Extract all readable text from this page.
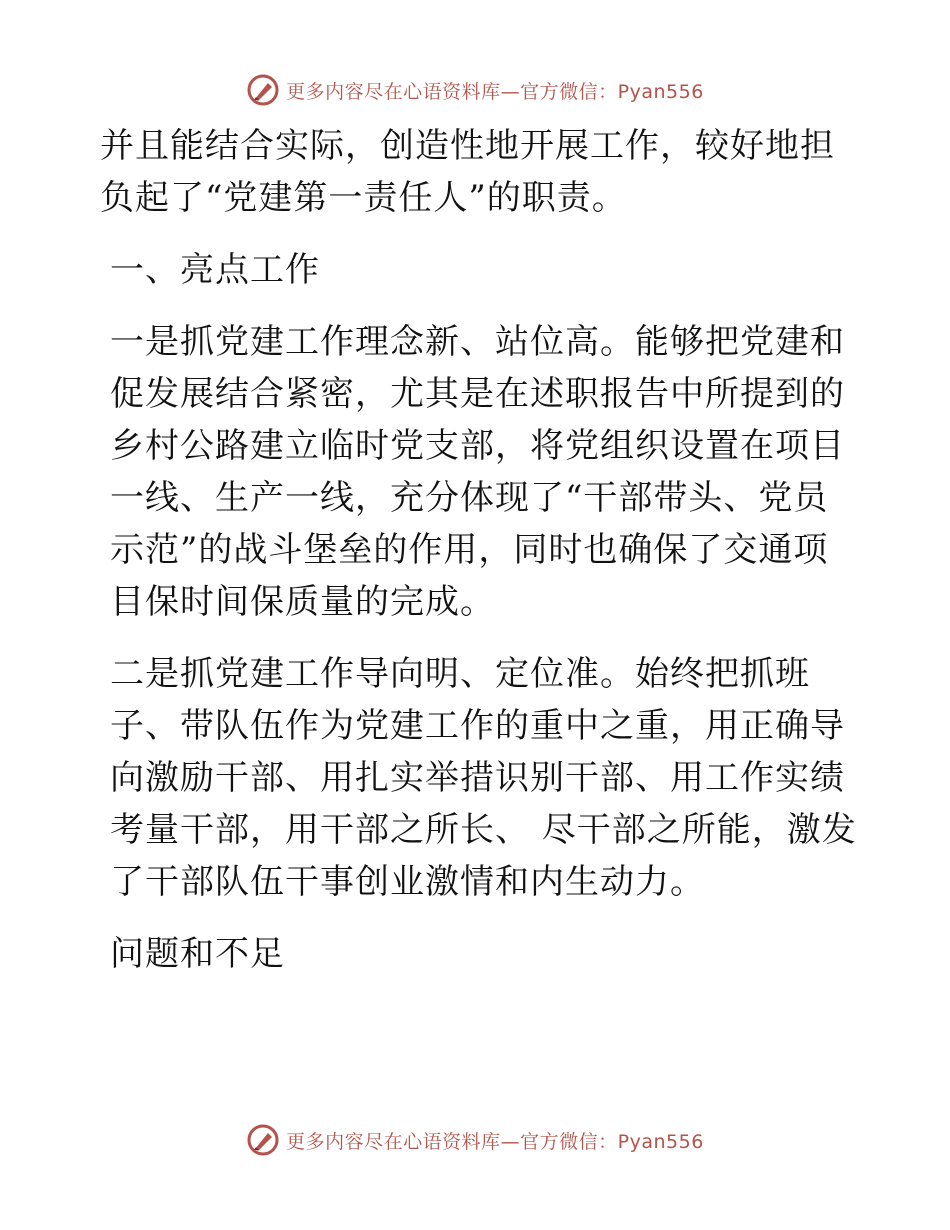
更多内容尽在心语资料库—官方微信：Pyan556

并且能结合实际，创造性地开展工作，较好地担负起了“党建第一责任人”的职责。

一、亮点工作

一是抓党建工作理念新、站位高。能够把党建和促发展结合紧密，尤其是在述职报告中所提到的乡村公路建立临时党支部，将党组织设置在项目一线、生产一线，充分体现了“干部带头、党员示范”的战斗堡垒的作用，同时也确保了交通项目保时间保质量的完成。

二是抓党建工作导向明、定位准。始终把抓班子、带队伍作为党建工作的重中之重，用正确导向激励干部、用扎实举措识别干部、用工作实绩考量干部，用干部之所长、 尽干部之所能，激发了干部队伍干事创业激情和内生动力。

问题和不足

更多内容尽在心语资料库—官方微信：Pyan556
